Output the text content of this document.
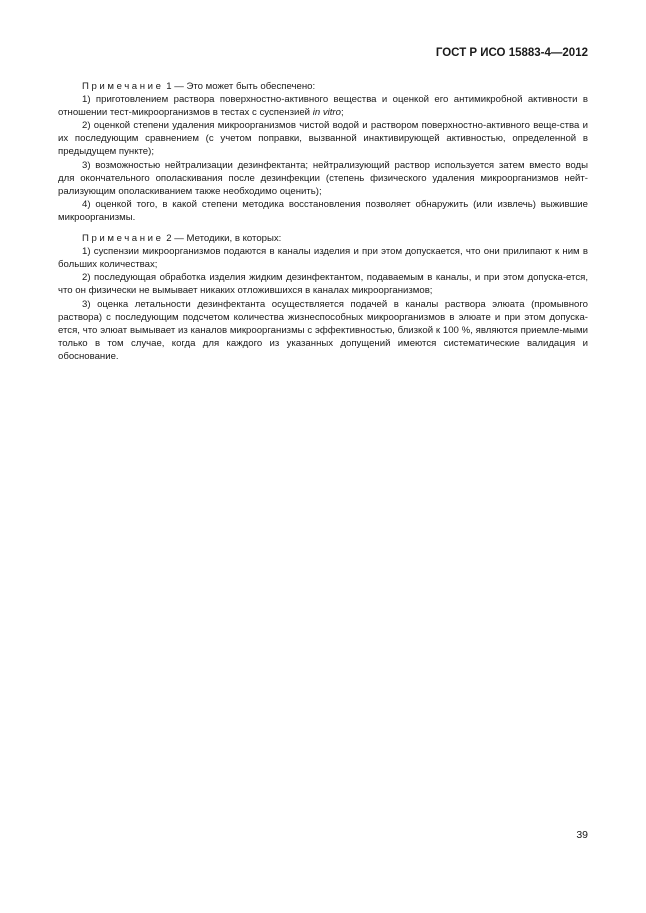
ГОСТ Р ИСО 15883-4—2012

Примечание 1 — Это может быть обеспечено:

1) приготовлением раствора поверхностно-активного вещества и оценкой его антимикробной активности в отношении тест-микроорганизмов в тестах с суспензией in vitro;

2) оценкой степени удаления микроорганизмов чистой водой и раствором поверхностно-активного веще-ства и их последующим сравнением (с учетом поправки, вызванной инактивирующей активностью, определенной в предыдущем пункте);

3) возможностью нейтрализации дезинфектанта; нейтрализующий раствор используется затем вместо воды для окончательного ополаскивания после дезинфекции (степень физического удаления микроорганизмов нейт-рализующим ополаскиванием также необходимо оценить);

4) оценкой того, в какой степени методика восстановления позволяет обнаружить (или извлечь) выжившие микроорганизмы.

Примечание 2 — Методики, в которых:

1) суспензии микроорганизмов подаются в каналы изделия и при этом допускается, что они прилипают к ним в больших количествах;

2) последующая обработка изделия жидким дезинфектантом, подаваемым в каналы, и при этом допуска-ется, что он физически не вымывает никаких отложившихся в каналах микроорганизмов;

3) оценка летальности дезинфектанта осуществляется подачей в каналы раствора элюата (промывного раствора) с последующим подсчетом количества жизнеспособных микроорганизмов в элюате и при этом допуска-ется, что элюат вымывает из каналов микроорганизмы с эффективностью, близкой к 100 %, являются приемле-мыми только в том случае, когда для каждого из указанных допущений имеются систематические валидация и обоснование.

39
